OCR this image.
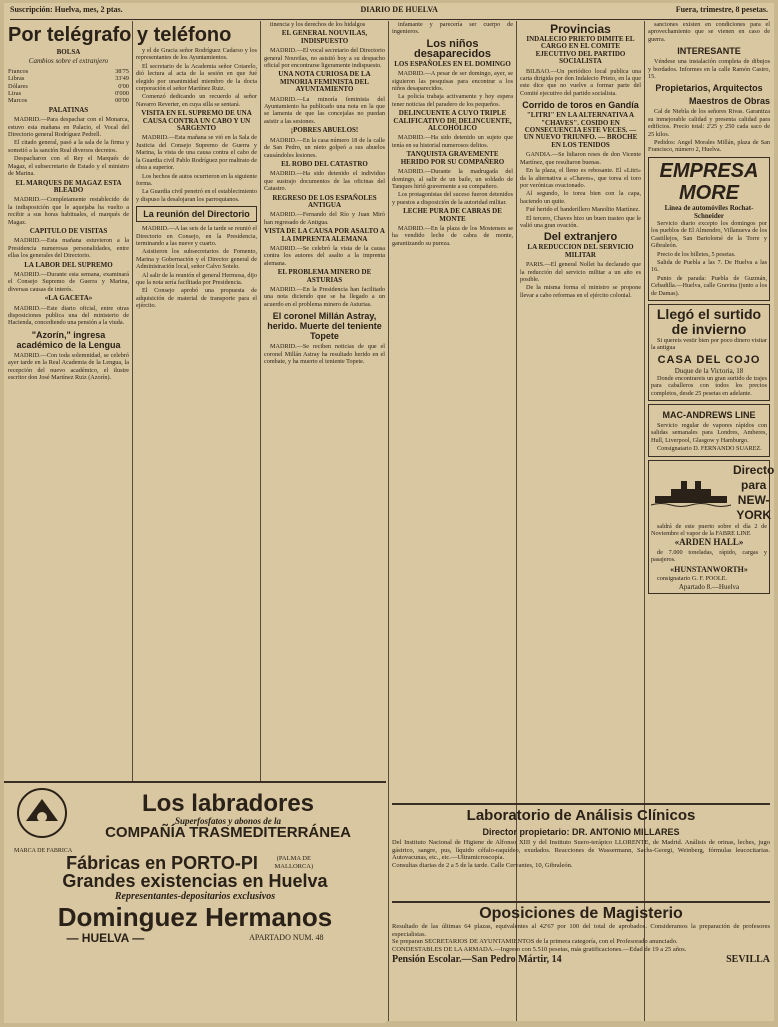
Suscripción: Huelva, mes, 2 ptas.	DIARIO DE HUELVA	Fuera, trimestre, 8 pesetas.
Por telégrafo y teléfono
BOLSA
Cambios sobre el extranjero
Francos	38'75
Libras	33'49
Dólares	0'00
Liras	0'000
Marcos	00'00
PALATINAS

MADRID.—Para despachar con el Monarca, estuvo esta mañana en Palacio, el Vocal del Directorio general Rodríguez Pedrell.

El citado general, pasó a la sala de la firma y sometió a la sanción Real diversos decretos.

Despacharon con el Rey el Marqués de Magaz, el subsecretario de Estado y el ministro de Marina.

EL MARQUES DE MAGAZ ESTA BLEADO

MADRID.—Completamente restablecido de la indisposición que le aquejaba ha vuelto a recibir a sus horas habituales, el marqués de Magaz.

CAPITULO DE VISITAS

MADRID.—Esta mañana estuvieron a la Presidencia numerosas personalidades, entre ellas los generales del Directorio.

LA LABOR DEL SUPREMO

MADRID.—Durante esta semana, examinará el Consejo Supremo de Guerra y Marina, diversas causas de interés.

«LA GACETA»

MADRID.—Este diario oficial, entre otras disposiciones publica una del ministerio de Hacienda, concediendo una pensión a la viuda.

"Azorín," ingresa académico de la Lengua

MADRID.—Con toda solemnidad, se celebró ayer tarde en la Real Academia de la Lengua, la recepción del nuevo académico, el ilustre escritor don José Martínez Ruiz (Azorín).

y el de Gracia señor Rodríguez Cadarso y los representantes de los Ayuntamientos.

El secretario de la Academia señor Cotarelo, dió lectura al acta de la sesión en que fué elegido por unanimidad miembro de la docta corporación el señor Martínez Ruiz.

Comenzó dedicando un recuerdo al señor Navarro Reverter, en cuya silla se sentará.

VISITA EN EL SUPREMO DE UNA CAUSA CONTRA UN CABO Y UN SARGENTO

MADRID.—Esta mañana se vió en la Sala de Justicia del Consejo Supremo de Guerra y Marina, la vista de una causa contra el cabo de la Guardia civil Pablo Rodríguez por maltrato de obra a superior.

Los hechos de autos ocurrieron en la siguiente forma.

La Guardia civil penetró en el establecimiento y dispuso la desalojaran los parroquianos.

La reunión del Directorio

MADRID.—A las seis de la tarde se reunió el Directorio en Consejo, en la Presidencia, terminando a las nueve y cuarto.

Asistieron los subsecretarios de Fomento, Marina y Gobernación y el Director general de Administración local, señor Calvo Sotelo.

Al salir de la reunión el general Hermosa, dijo que la nota sería facilitada por Presidencia.

El Consejo aprobó una propuesta de adquisición de material de transporte para el ejército.

tinencia y los derechos de los hidalgos

EL GENERAL NOUVILAS, INDISPUESTO

MADRID.—El vocal secretario del Directorio general Nouvilas, no asistió hoy a su despacho oficial por encontrarse ligeramente indispuesto.

UNA NOTA CURIOSA DE LA MINORIA FEMINISTA DEL AYUNTAMIENTO

MADRID.—La minoría feminista del Ayuntamiento ha publicado una nota en la que se lamenta de que las concejalas no puedan asistir a las sesiones.

¡POBRES ABUELOS!

MADRID.—En la casa número 18 de la calle de San Pedro, un nieto golpeó a sus abuelos causándoles lesiones.

EL ROBO DEL CATASTRO

MADRID.—Ha sido detenido el individuo que sustrajo documentos de las oficinas del Catastro.

REGRESO DE LOS ESPAÑOLES ANTIGUA

MADRID.—Fernando del Río y Juan Miró han regresado de Antigua.

VISTA DE LA CAUSA POR ASALTO A LA IMPRENTA ALEMANA

MADRID.—Se celebró la vista de la causa contra los autores del asalto a la imprenta alemana.

EL PROBLEMA MINERO DE ASTURIAS

MADRID.—En la Presidencia han facilitado una nota diciendo que se ha llegado a un acuerdo en el problema minero de Asturias.

El coronel Millán Astray, herido. Muerte del teniente Topete

MADRID.—Se reciben noticias de que el coronel Millán Astray ha resultado herido en el combate, y ha muerto el teniente Topete.

infamante y parecería ser cuerpo de ingenieros.

Los niños desaparecidos
LOS ESPAÑOLES EN EL DOMINGO

MADRID.—A pesar de ser domingo, ayer, se siguieron las pesquisas para encontrar a los niños desaparecidos.

La policía trabaja activamente y hoy espera tener noticias del paradero de los pequeños.

DELINCUENTE A CUYO TRIPLE CALIFICATIVO DE DELINCUENTE, ALCOHÓLICO

MADRID.—Ha sido detenido un sujeto que tenía en su historial numerosos delitos.

TANQUISTA GRAVEMENTE HERIDO POR SU COMPAÑERO

MADRID.—Durante la madrugada del domingo, al salir de un baile, un soldado de Tanques hirió gravemente a su compañero.

Los protagonistas del suceso fueron detenidos y puestos a disposición de la autoridad militar.

LECHE PURA DE CABRAS DE MONTE

MADRID.—En la plaza de los Mostenses se ha vendido leche de cabra de monte, garantizando su pureza.

Provincias
INDALECIO PRIETO DIMITE EL CARGO EN EL COMITE EJECUTIVO DEL PARTIDO SOCIALISTA

BILBAO.—Un periódico local publica una carta dirigida por don Indalecio Prieto, en la que este dice que no vuelve a formar parte del Comité ejecutivo del partido socialista.

Corrido de toros en Gandía
"LITRI" EN LA ALTERNATIVA A "CHAVES". COSIDO EN CONSECUENCIA ESTE VECES. — UN NUEVO TRIUNFO. — BROCHE EN LOS TENIDOS

GANDIA.—Se lidiaron reses de don Vicente Martínez, que resultaron buenas.

En la plaza, el lleno es rebosante. El «Litri» da la alternativa a «Chaves», que torea el toro por verónicas ovacionado.

Al segundo, lo torea bien con la capa, haciendo un quite.

Fué herido el banderillero Manolito Martínez.

El tercero, Chaves hizo un buen trasteo que le valió una gran ovación.

Del extranjero
LA REDUCCION DEL SERVICIO MILITAR

PARIS.—El general Nollet ha declarado que la reducción del servicio militar a un año es posible.

De la misma forma el ministro se propone llevar a cabo reformas en el ejército colonial.

sanciones existen en condiciones para el aprovechamiento que se vienen en caso de guerra.

INTERESANTE

Véndese una instalación completa de dibujos y bordados. Informes en la calle Ramón Castro, 15.

Propietarios, Arquitectos
Maestros de Obras

Cal de Niebla de los señores Rivas. Garantiza su inmejorable calidad y presenta calidad para edificios. Precio total: 2'25 y 250 cada saco de 25 kilos.

Pedidos: Angel Morales Millán, plaza de San Francisco, número 2, Huelva.

EMPRESA MORE
Línea de automóviles Rochat-Schneider

Servicio diario excepto los domingos por los pueblos de El Almendro, Villanueva de los Castillejos, San Bartolomé de la Torre y Gibraleón.

Precio de los billetes, 5 pesetas.

Salida de Puebla a las 7. De Huelva a las 16.

Punto de parada: Puebla de Guzmán, Cebadilla.—Huelva, calle Gravina (junto a los de Damas).

Llegó el surtido de invierno

Si quereis vestir bien por poco dinero visitar la antigua

CASA DEL COJO
Duque de la Victoria, 18

Donde encontrareis un gran surtido de trajes para caballeros con todos los precios completos, desde 25 pesetas en adelante.

MAC-ANDREWS LINE

Servicio regular de vapores rápidos con salidas semanales para Londres, Amberes, Hull, Liverpool, Glasgow y Hamburgo.

Consignatario D. FERNANDO SUAREZ.

Directo para NEW-YORK

saldrá de este puerto sobre el día 2 de Noviembre el vapor de la FABRE LINE

«ARDEN HALL»

de 7.000 toneladas, rápido, cargas y pasajeros.

«HUNSTANWORTH»

consignatario G. F. POOLE.

Apartado 8.—Huelva
Los labradores
Superfosfatos y abonos de la
COMPAÑÍA TRASMEDITERRÁNEA
MARCA DE FABRICA
Fábricas en PORTO-PI	(PALMA DE MALLORCA)
Grandes existencias en Huelva
Representantes-depositarios exclusivos
Dominguez Hermanos
— HUELVA —	APARTADO NUM. 48
Laboratorio de Análisis Clínicos
Director propietario: DR. ANTONIO MILLARES
Del Instituto Nacional de Higiene de Alfonso XIII y del Instituto Suero-terápico LLORENTE, de Madrid. Análisis de orinas, leches, jugo gástrico, sangre, pus, líquido céfalo-raquídeo, exudados. Reacciones de Wassermann, Sachs-Georgi, Weinberg, fórmulas leucocitarias. Autovacunas, etc., etc.—Ultramicroscopía.
Consultas diarias de 2 a 5 de la tarde. Calle Cervantes, 10, Gibraleón.
Oposiciones de Magisterio
Resultado de las últimas 64 plazas, equivalentes al 42'67 por 100 del total de aprobados. Consideramos la preparación de profesores especialistas.
Se preparan SECRETARIOS DE AYUNTAMIENTOS de la primera categoría, con el Profesorado anunciado.
CONDESTABLES DE LA ARMADA.—Ingreso con 5.510 pesetas, más gratificaciones.—Edad de 19 a 25 años.
Pensión Escolar.—San Pedro Mártir, 14	SEVILLA
